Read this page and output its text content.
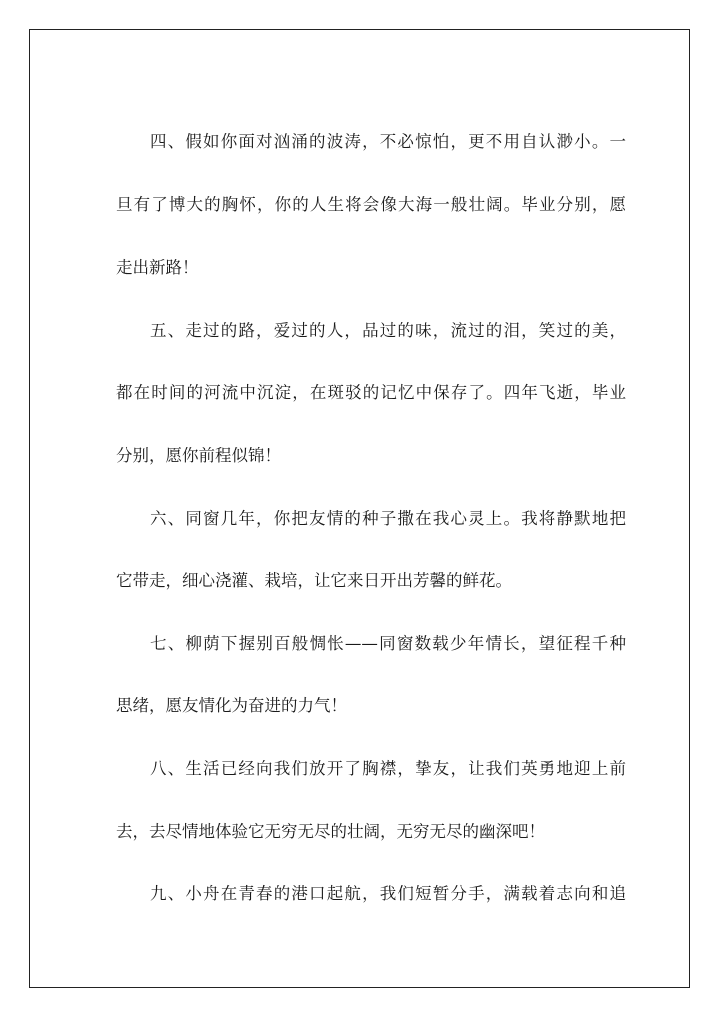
四、假如你面对汹涌的波涛，不必惊怕，更不用自认渺小。一
旦有了博大的胸怀，你的人生将会像大海一般壮阔。毕业分别，愿
走出新路！
五、走过的路，爱过的人，品过的味，流过的泪，笑过的美，
都在时间的河流中沉淀，在斑驳的记忆中保存了。四年飞逝，毕业
分别，愿你前程似锦！
六、同窗几年，你把友情的种子撒在我心灵上。我将静默地把
它带走，细心浇灌、栽培，让它来日开出芳馨的鲜花。
七、柳荫下握别百般惆怅——同窗数载少年情长，望征程千种
思绪，愿友情化为奋进的力气！
八、生活已经向我们放开了胸襟，挚友，让我们英勇地迎上前
去，去尽情地体验它无穷无尽的壮阔，无穷无尽的幽深吧！
九、小舟在青春的港口起航，我们短暂分手，满载着志向和追
